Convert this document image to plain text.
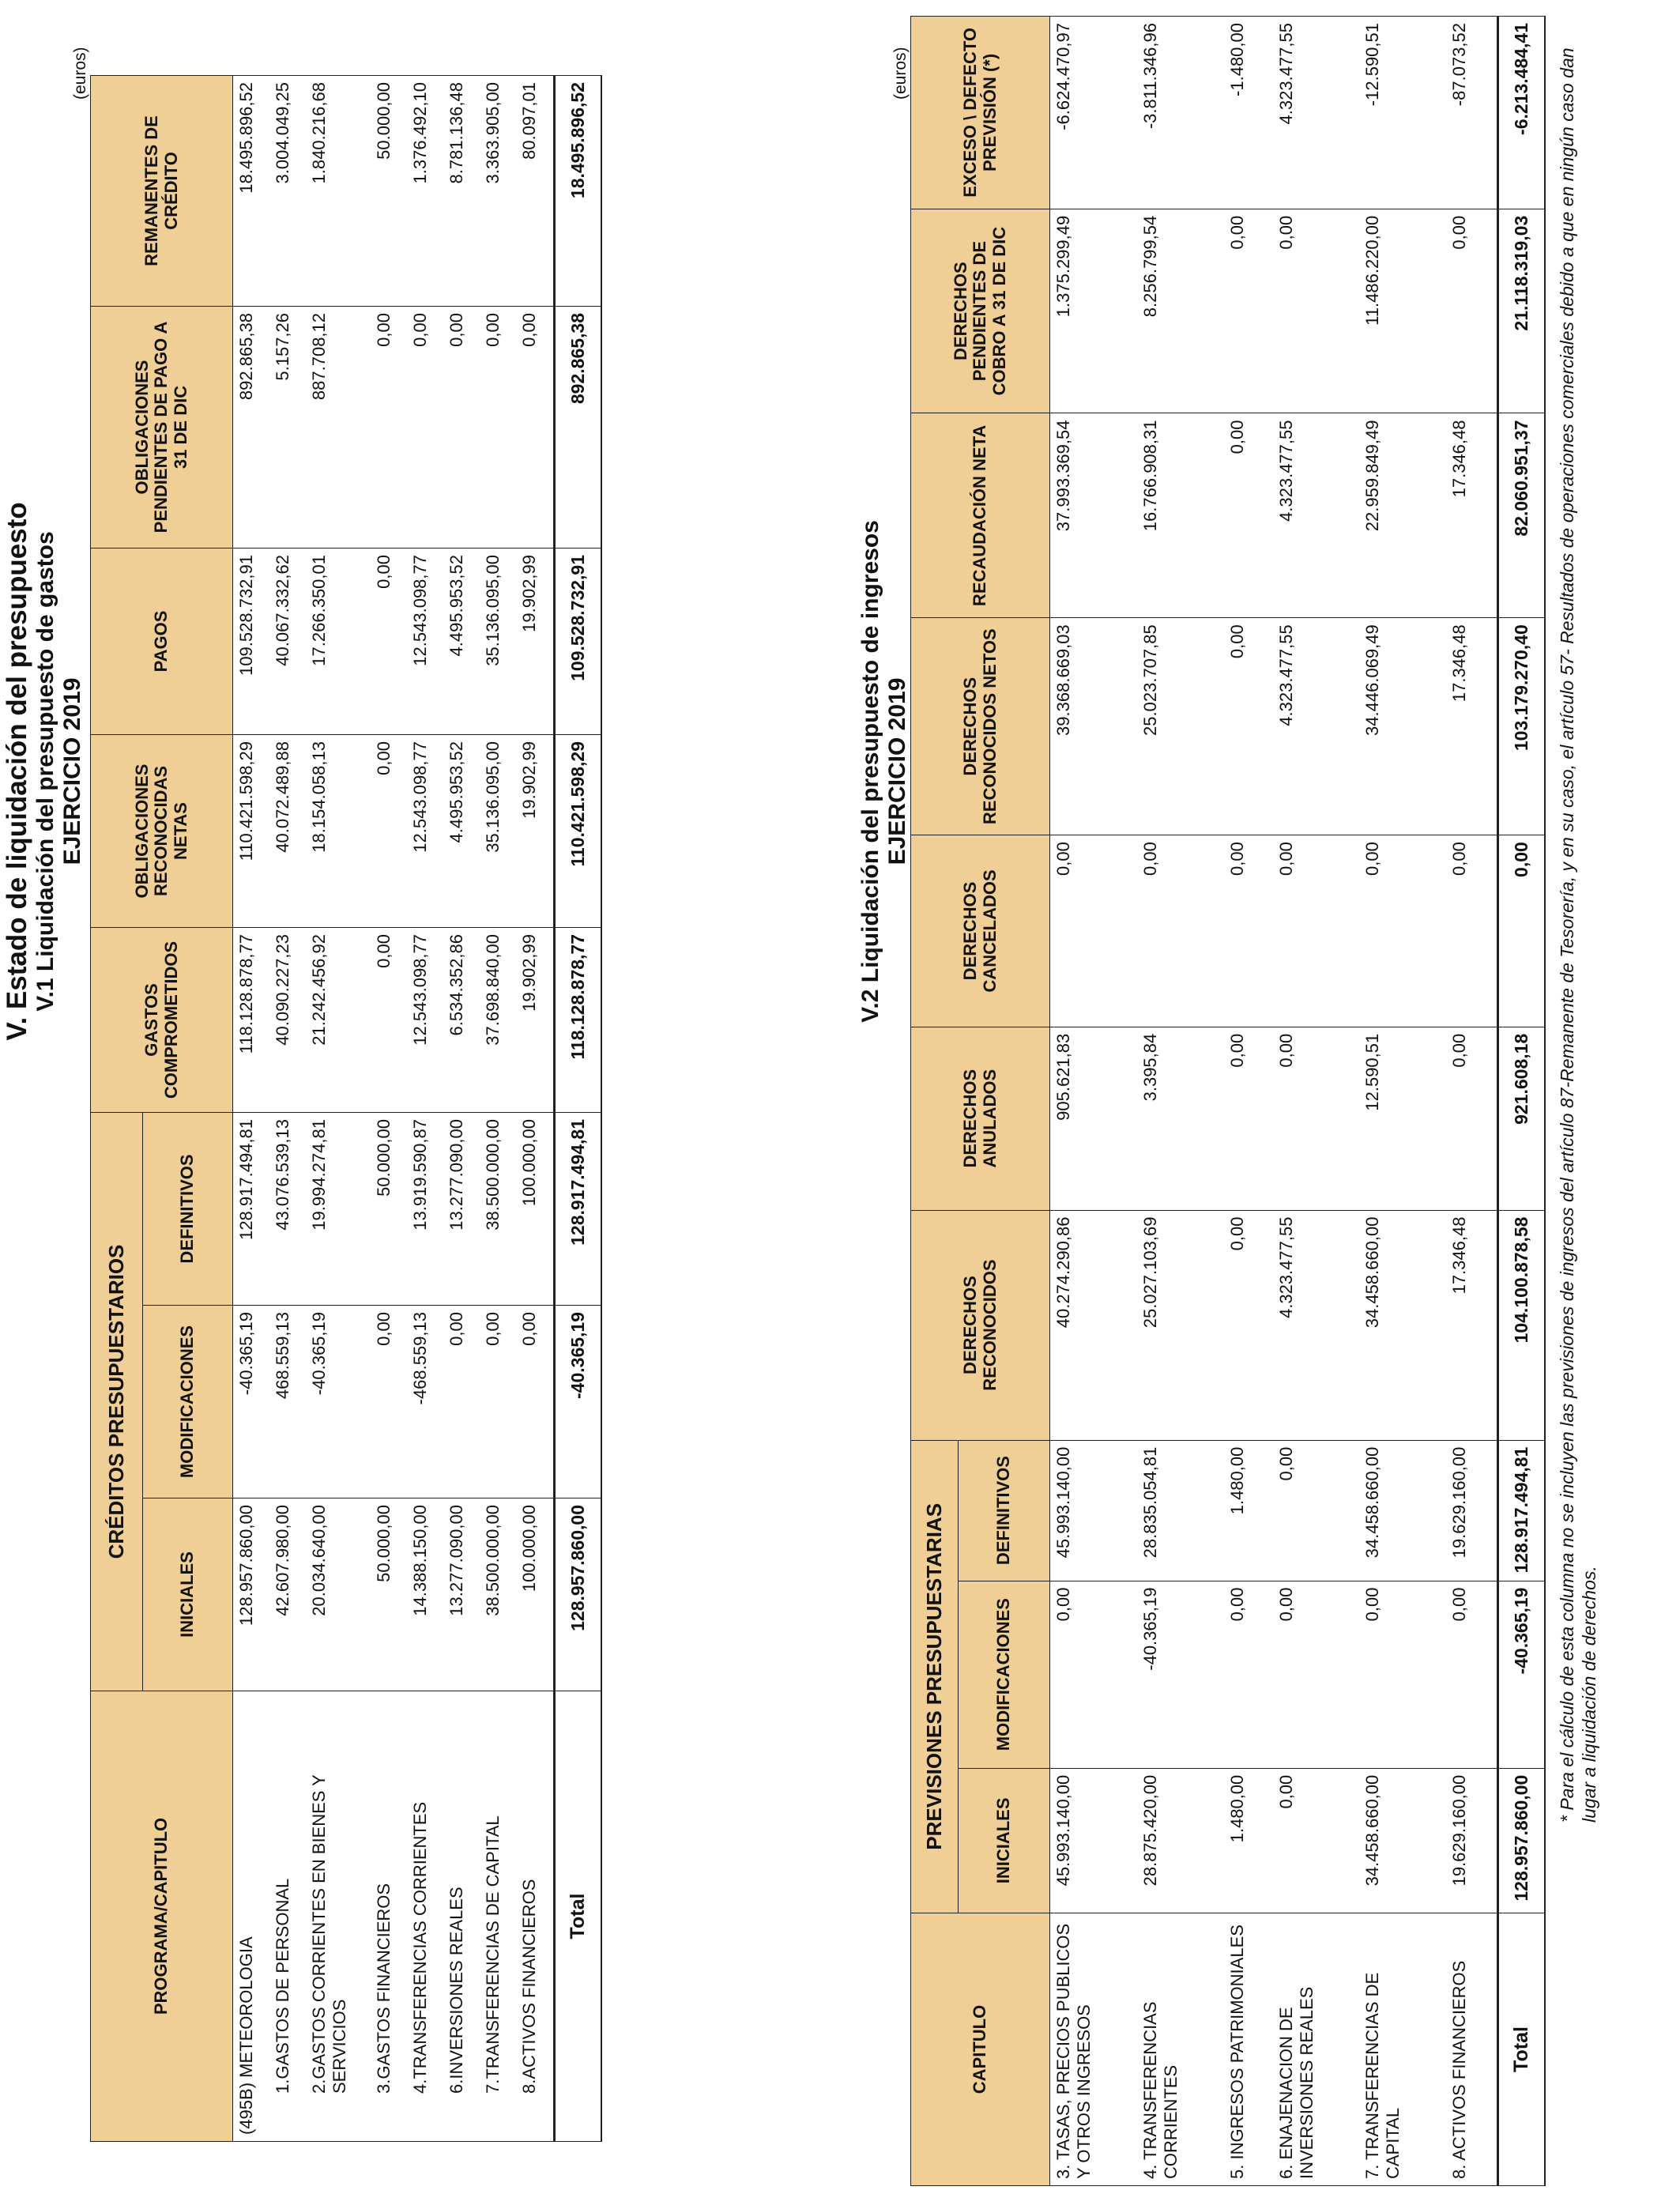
V. Estado de liquidación del presupuesto V.1 Liquidación del presupuesto de gastos EJERCICIO 2019
(euros)
PROGRAMA/CAPITULO	CRÉDITOS PRESUPUESTARIOS			GASTOS COMPROMETIDOS	OBLIGACIONES RECONOCIDAS NETAS	PAGOS	OBLIGACIONES PENDIENTES DE PAGO A 31 DE DIC	REMANENTES DE CRÉDITO
	INICIALES	MODIFICACIONES	DEFINITIVOS					
(495B) METEOROLOGIA	128.957.860,00	-40.365,19	128.917.494,81	118.128.878,77	110.421.598,29	109.528.732,91	892.865,38	18.495.896,52
1.GASTOS DE PERSONAL	42.607.980,00	468.559,13	43.076.539,13	40.090.227,23	40.072.489,88	40.067.332,62	5.157,26	3.004.049,25
2.GASTOS CORRIENTES EN BIENES Y SERVICIOS	20.034.640,00	-40.365,19	19.994.274,81	21.242.456,92	18.154.058,13	17.266.350,01	887.708,12	1.840.216,68
3.GASTOS FINANCIEROS	50.000,00	0,00	50.000,00	0,00	0,00	0,00	0,00	50.000,00
4.TRANSFERENCIAS CORRIENTES	14.388.150,00	-468.559,13	13.919.590,87	12.543.098,77	12.543.098,77	12.543.098,77	0,00	1.376.492,10
6.INVERSIONES REALES	13.277.090,00	0,00	13.277.090,00	6.534.352,86	4.495.953,52	4.495.953,52	0,00	8.781.136,48
7.TRANSFERENCIAS DE CAPITAL	38.500.000,00	0,00	38.500.000,00	37.698.840,00	35.136.095,00	35.136.095,00	0,00	3.363.905,00
8.ACTIVOS FINANCIEROS	100.000,00	0,00	100.000,00	19.902,99	19.902,99	19.902,99	0,00	80.097,01
Total	128.957.860,00	-40.365,19	128.917.494,81	118.128.878,77	110.421.598,29	109.528.732,91	892.865,38	18.495.896,52
V.2 Liquidación del presupuesto de ingresos EJERCICIO 2019
(euros)
CAPITULO	PREVISIONES PRESUPUESTARIAS			DERECHOS RECONOCIDOS	DERECHOS ANULADOS	DERECHOS CANCELADOS	DERECHOS RECONOCIDOS NETOS	RECAUDACIÓN NETA	DERECHOS PENDIENTES DE COBRO A 31 DE DIC	EXCESO \ DEFECTO PREVISIÓN (*)
	INICIALES	MODIFICACIONES	DEFINITIVOS							
3. TASAS, PRECIOS PUBLICOS Y OTROS INGRESOS	45.993.140,00	0,00	45.993.140,00	40.274.290,86	905.621,83	0,00	39.368.669,03	37.993.369,54	1.375.299,49	-6.624.470,97
4. TRANSFERENCIAS CORRIENTES	28.875.420,00	-40.365,19	28.835.054,81	25.027.103,69	3.395,84	0,00	25.023.707,85	16.766.908,31	8.256.799,54	-3.811.346,96
5. INGRESOS PATRIMONIALES	1.480,00	0,00	1.480,00	0,00	0,00	0,00	0,00	0,00	0,00	-1.480,00
6. ENAJENACION DE INVERSIONES REALES	0,00	0,00	0,00	4.323.477,55	0,00	0,00	4.323.477,55	4.323.477,55	0,00	4.323.477,55
7. TRANSFERENCIAS DE CAPITAL	34.458.660,00	0,00	34.458.660,00	34.458.660,00	12.590,51	0,00	34.446.069,49	22.959.849,49	11.486.220,00	-12.590,51
8. ACTIVOS FINANCIEROS	19.629.160,00	0,00	19.629.160,00	17.346,48	0,00	0,00	17.346,48	17.346,48	0,00	-87.073,52
Total	128.957.860,00	-40.365,19	128.917.494,81	104.100.878,58	921.608,18	0,00	103.179.270,40	82.060.951,37	21.118.319,03	-6.213.484,41 * Para el cálculo de esta columna no se incluyen las previsiones de ingresos del artículo 87-Remanente de Tesorería, y en su caso, el artículo 57- Resultados de operaciones comerciales debido a que en ningún caso dan lugar a liquidación de derechos.
